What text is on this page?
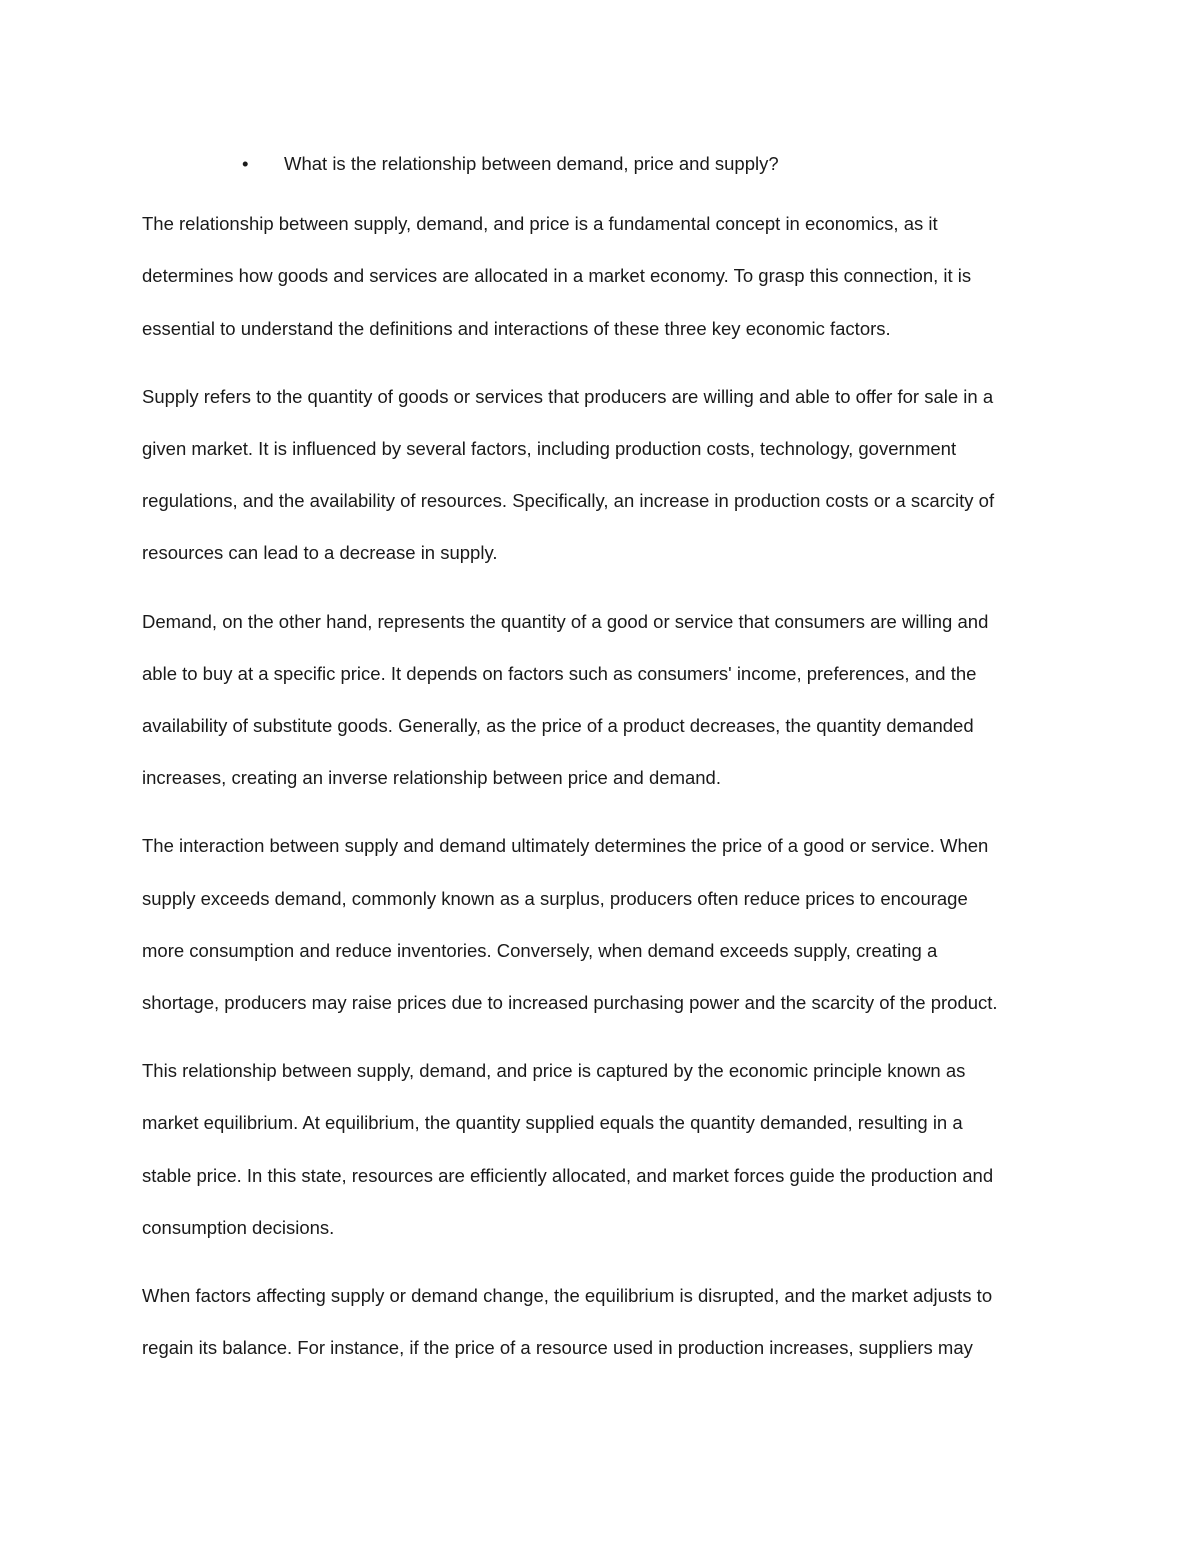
•	What is the relationship between demand, price and supply?
The relationship between supply, demand, and price is a fundamental concept in economics, as it
determines how goods and services are allocated in a market economy. To grasp this connection, it is
essential to understand the definitions and interactions of these three key economic factors.
Supply refers to the quantity of goods or services that producers are willing and able to offer for sale in a
given market. It is influenced by several factors, including production costs, technology, government
regulations, and the availability of resources. Specifically, an increase in production costs or a scarcity of
resources can lead to a decrease in supply.
Demand, on the other hand, represents the quantity of a good or service that consumers are willing and
able to buy at a specific price. It depends on factors such as consumers' income, preferences, and the
availability of substitute goods. Generally, as the price of a product decreases, the quantity demanded
increases, creating an inverse relationship between price and demand.
The interaction between supply and demand ultimately determines the price of a good or service. When
supply exceeds demand, commonly known as a surplus, producers often reduce prices to encourage
more consumption and reduce inventories. Conversely, when demand exceeds supply, creating a
shortage, producers may raise prices due to increased purchasing power and the scarcity of the product.
This relationship between supply, demand, and price is captured by the economic principle known as
market equilibrium. At equilibrium, the quantity supplied equals the quantity demanded, resulting in a
stable price. In this state, resources are efficiently allocated, and market forces guide the production and
consumption decisions.
When factors affecting supply or demand change, the equilibrium is disrupted, and the market adjusts to
regain its balance. For instance, if the price of a resource used in production increases, suppliers may
